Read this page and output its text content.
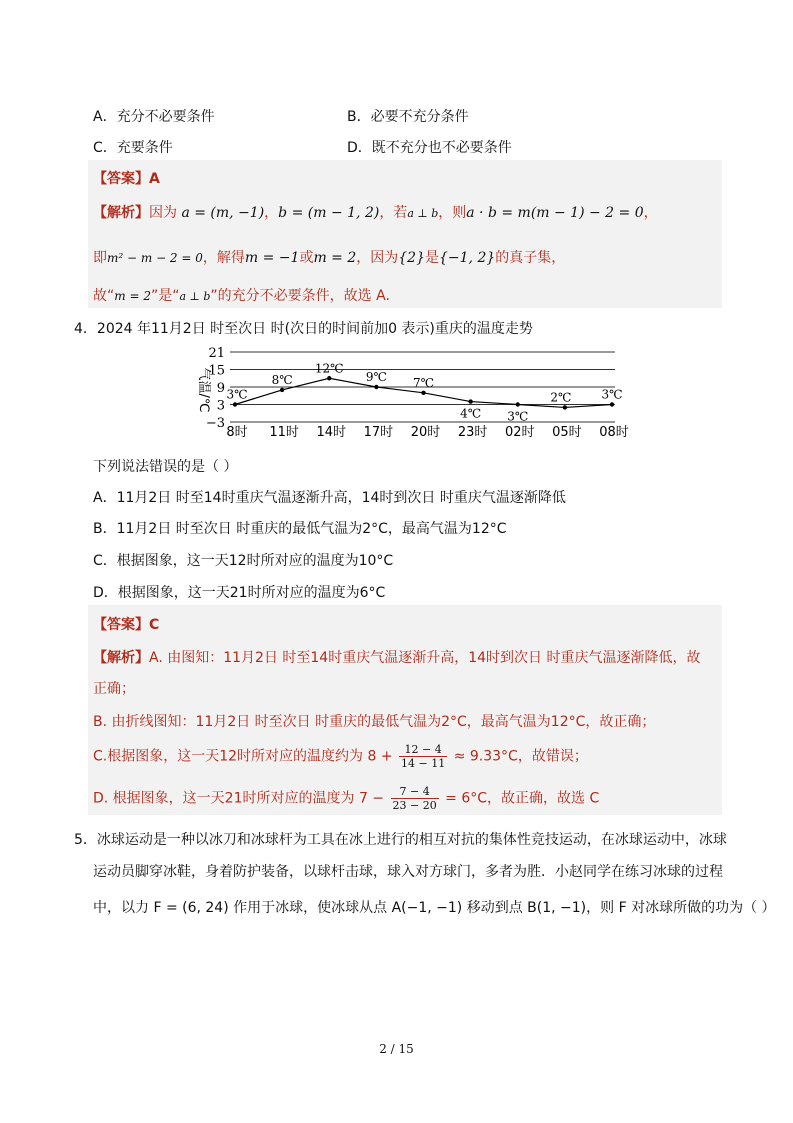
A．充分不必要条件	B．必要不充分条件
C．充要条件	D．既不充分也不必要条件
【答案】A
【解析】因为 a = (m, −1)，b = (m − 1, 2)，若a ⊥ b，则a · b = m(m − 1) − 2 = 0，
即m² − m − 2 = 0，解得m = −1或m = 2，因为{2}是{−1, 2}的真子集，
故“m = 2”是“a ⊥ b”的充分不必要条件，故选 A.
4．2024 年11月2日 时至次日 时(次日的时间前加0 表示)重庆的温度走势
21
15
9
3
−3
气温/℃ 3℃
8℃
12℃
9℃ 7℃
4℃ 3℃
2℃	3℃
8时 11时 14时 17时 20时 23时 02时 05时 08时
下列说法错误的是（ ）
A．11月2日 时至14时重庆气温逐渐升高，14时到次日 时重庆气温逐渐降低
B．11月2日 时至次日 时重庆的最低气温为2°C，最高气温为12°C
C．根据图象，这一天12时所对应的温度为10°C
D．根据图象，这一天21时所对应的温度为6°C
【答案】C
【解析】A. 由图知：11月2日 时至14时重庆气温逐渐升高，14时到次日 时重庆气温逐渐降低，故
正确；
B. 由折线图知：11月2日 时至次日 时重庆的最低气温为2°C，最高气温为12°C，故正确；
C.根据图象，这一天12时所对应的温度约为 $8 + \frac{12 - 4}{14 - 11} \approx 9.33^\circ C$，故错误；
D. 根据图象，这一天21时所对应的温度为 $7 - \frac{7 - 4}{23 - 20} = 6^\circ C$，故正确，故选 C
5．冰球运动是一种以冰刀和冰球杆为工具在冰上进行的相互对抗的集体性竞技运动，在冰球运动中，冰球
运动员脚穿冰鞋，身着防护装备，以球杆击球，球入对方球门，多者为胜．小赵同学在练习冰球的过程
中，以力 F = (6, 24) 作用于冰球，使冰球从点 A(−1, −1) 移动到点 B(1, −1)，则 F 对冰球所做的功为（ ）
2 / 15
